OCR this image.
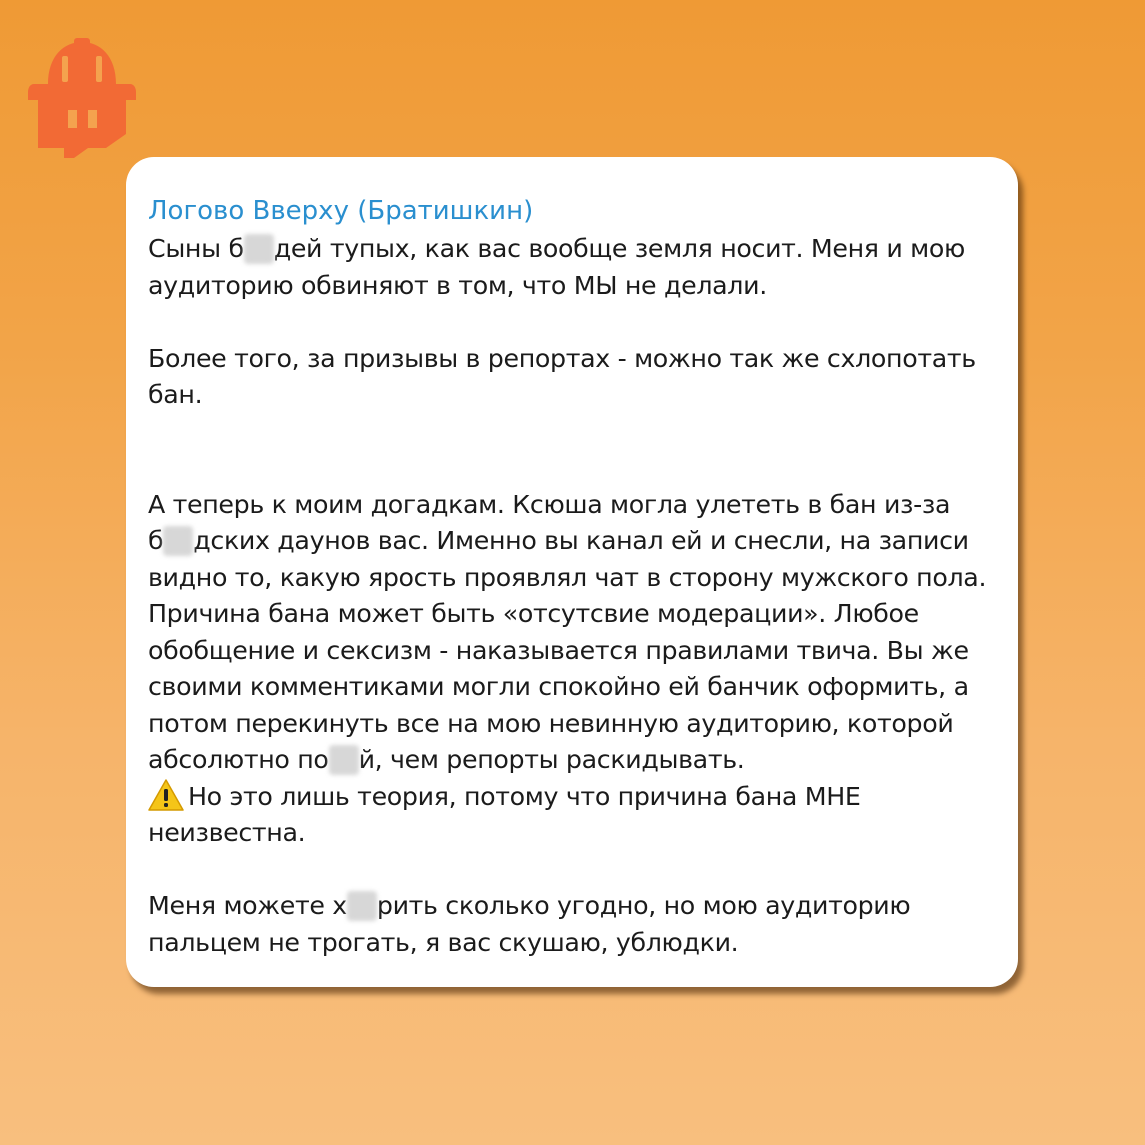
Логово Вверху (Братишкин)
Сыны б дей тупых, как вас вообще земля носит. Меня и мою
аудиторию обвиняют в том, что МЫ не делали.
Более того, за призывы в репортах - можно так же схлопотать
бан.
А теперь к моим догадкам. Ксюша могла улететь в бан из-за
б дских даунов вас. Именно вы канал ей и снесли, на записи
видно то, какую ярость проявлял чат в сторону мужского пола.
Причина бана может быть «отсутсвие модерации». Любое
обобщение и сексизм - наказывается правилами твича. Вы же
своими комментиками могли спокойно ей банчик оформить, а
потом перекинуть все на мою невинную аудиторию, которой
абсолютно по й, чем репорты раскидывать.
Но это лишь теория, потому что причина бана МНЕ
неизвестна.
Меня можете х рить сколько угодно, но мою аудиторию
пальцем не трогать, я вас скушаю, ублюдки.
